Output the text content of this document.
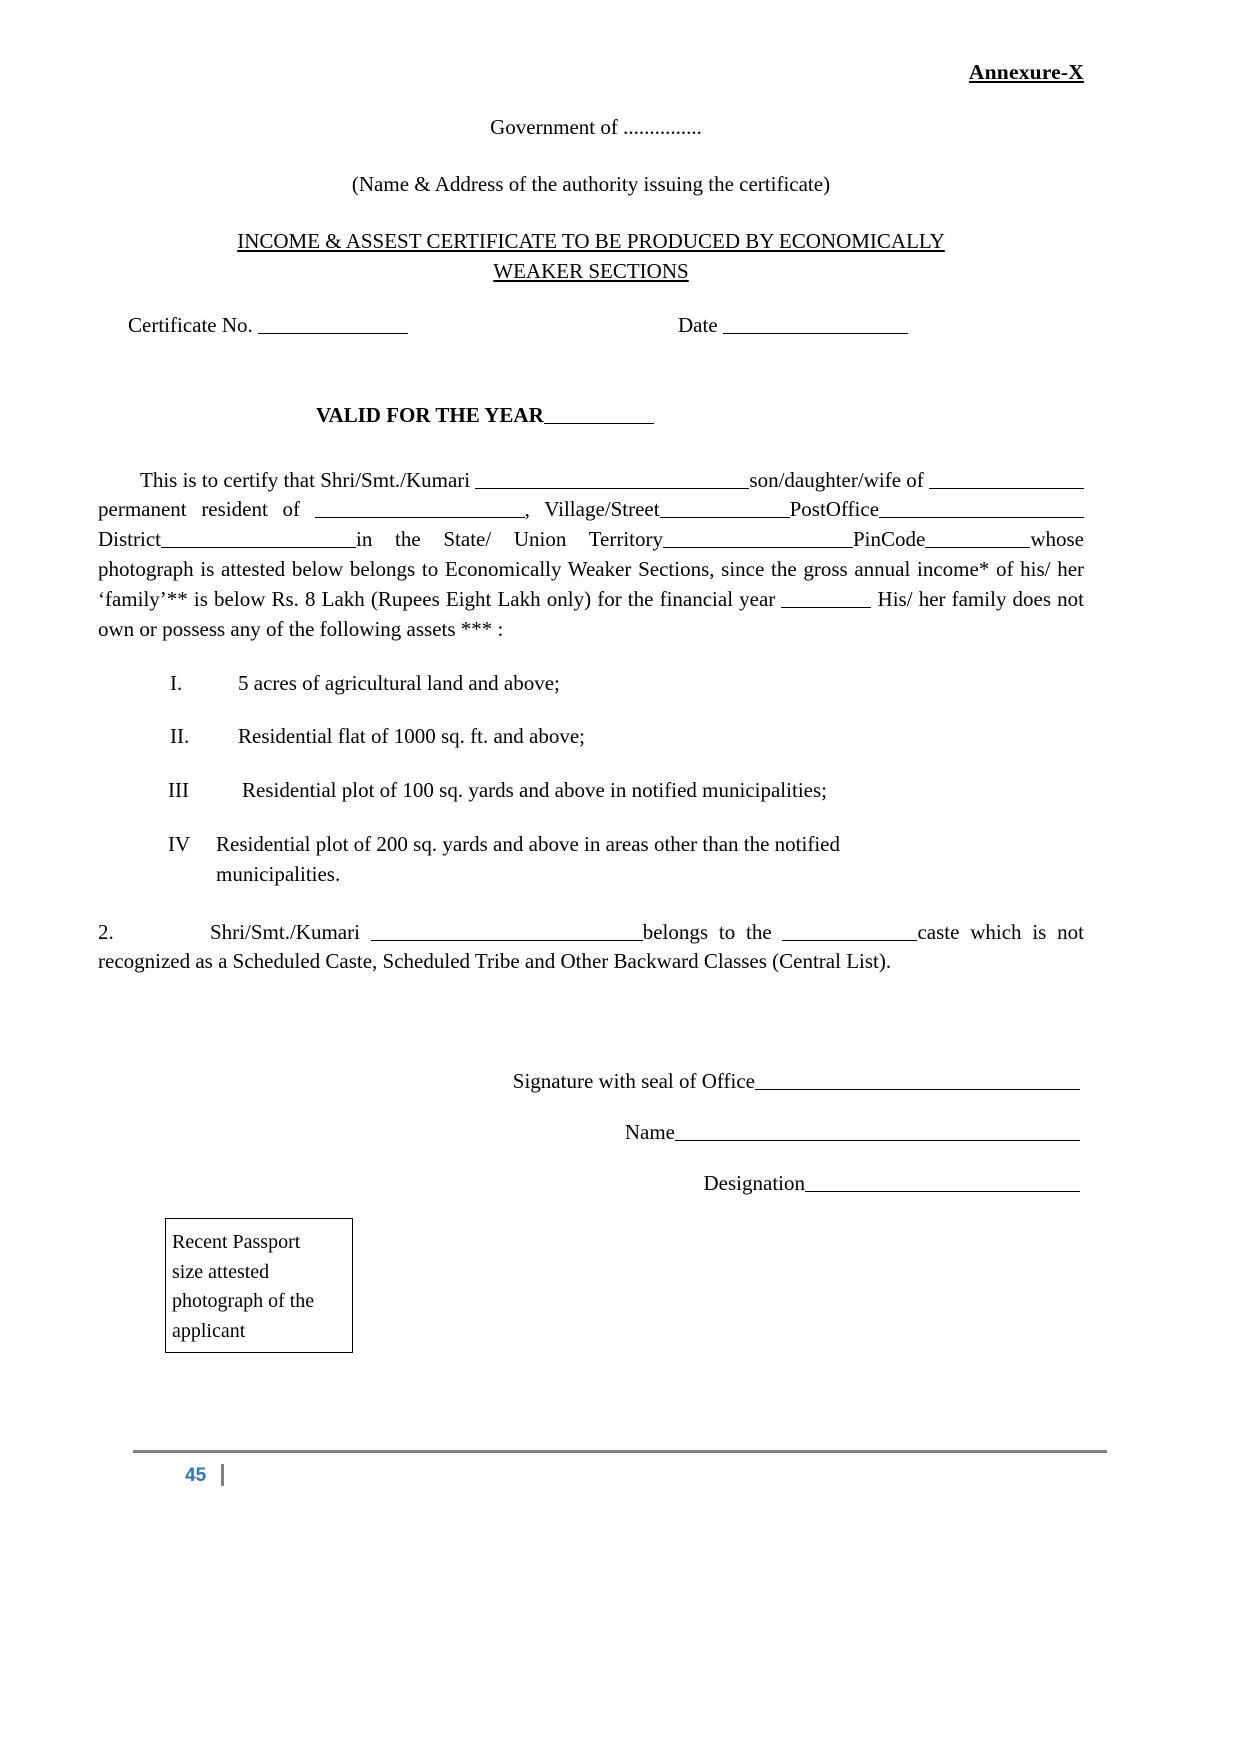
Annexure-X
Government of ...............
(Name & Address of the authority issuing the certificate)
INCOME & ASSEST CERTIFICATE TO BE PRODUCED BY ECONOMICALLY
WEAKER SECTIONS
Certificate No.	Date
VALID FOR THE YEAR
This is to certify that Shri/Smt./Kumari	son/daughter/wife of permanent resident of	, Village/Street	PostOfficeDistrict	in the State/ Union Territory	PinCode	whose photograph is attested below belongs to Economically Weaker Sections, since the gross annual income* of his/ her ‘family’** is below Rs. 8 Lakh (Rupees Eight Lakh only) for the financial year	His/ her family does not own or possess any of the following assets *** :
I.	5 acres of agricultural land and above;
II.	Residential flat of 1000 sq. ft. and above;
III	Residential plot of 100 sq. yards and above in notified municipalities;
IV	Residential plot of 200 sq. yards and above in areas other than the notified municipalities.
2.	Shri/Smt./Kumari	belongs to the	caste which is not recognized as a Scheduled Caste, Scheduled Tribe and Other Backward Classes (Central List).
Signature with seal of Office
Name
Designation
Recent Passport
size attested
photograph of the
applicant
45
